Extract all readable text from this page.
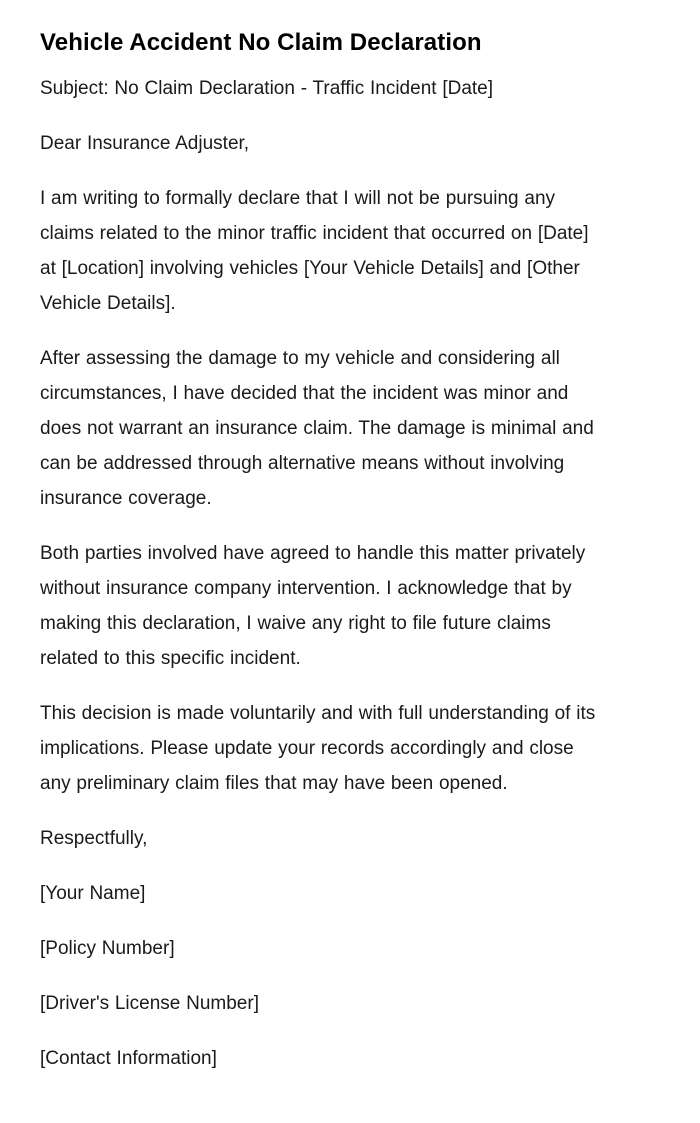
Vehicle Accident No Claim Declaration

Subject: No Claim Declaration - Traffic Incident [Date]

Dear Insurance Adjuster,

I am writing to formally declare that I will not be pursuing any claims related to the minor traffic incident that occurred on [Date] at [Location] involving vehicles [Your Vehicle Details] and [Other Vehicle Details].

After assessing the damage to my vehicle and considering all circumstances, I have decided that the incident was minor and does not warrant an insurance claim. The damage is minimal and can be addressed through alternative means without involving insurance coverage.

Both parties involved have agreed to handle this matter privately without insurance company intervention. I acknowledge that by making this declaration, I waive any right to file future claims related to this specific incident.

This decision is made voluntarily and with full understanding of its implications. Please update your records accordingly and close any preliminary claim files that may have been opened.

Respectfully,

[Your Name]

[Policy Number]

[Driver's License Number]

[Contact Information]
